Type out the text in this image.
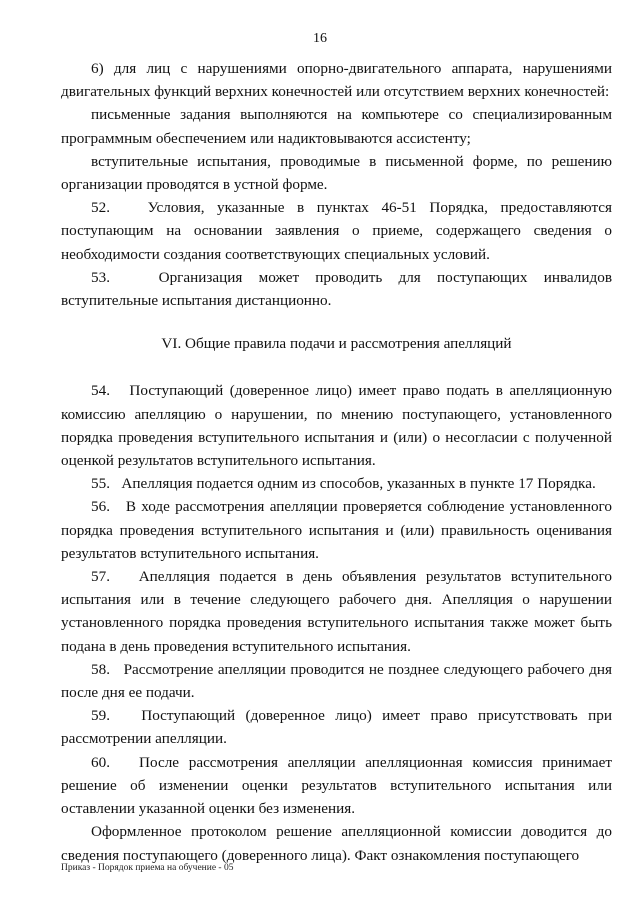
16

6) для лиц с нарушениями опорно-двигательного аппарата, нарушениями двигательных функций верхних конечностей или отсутствием верхних конечностей:

письменные задания выполняются на компьютере со специализированным программным обеспечением или надиктовываются ассистенту;

вступительные испытания, проводимые в письменной форме, по решению организации проводятся в устной форме.

52.   Условия, указанные в пунктах 46-51 Порядка, предоставляются поступающим на основании заявления о приеме, содержащего сведения о необходимости создания соответствующих специальных условий.

53.   Организация может проводить для поступающих инвалидов вступительные испытания дистанционно.

VI. Общие правила подачи и рассмотрения апелляций

54.   Поступающий (доверенное лицо) имеет право подать в апелляционную комиссию апелляцию о нарушении, по мнению поступающего, установленного порядка проведения вступительного испытания и (или) о несогласии с полученной оценкой результатов вступительного испытания.

55.   Апелляция подается одним из способов, указанных в пункте 17 Порядка.

56.   В ходе рассмотрения апелляции проверяется соблюдение установленного порядка проведения вступительного испытания и (или) правильность оценивания результатов вступительного испытания.

57.   Апелляция подается в день объявления результатов вступительного испытания или в течение следующего рабочего дня. Апелляция о нарушении установленного порядка проведения вступительного испытания также может быть подана в день проведения вступительного испытания.

58.   Рассмотрение апелляции проводится не позднее следующего рабочего дня после дня ее подачи.

59.   Поступающий (доверенное лицо) имеет право присутствовать при рассмотрении апелляции.

60.   После рассмотрения апелляции апелляционная комиссия принимает решение об изменении оценки результатов вступительного испытания или оставлении указанной оценки без изменения.

Оформленное протоколом решение апелляционной комиссии доводится до сведения поступающего (доверенного лица). Факт ознакомления поступающего

Приказ - Порядок приема на обучение - 05
